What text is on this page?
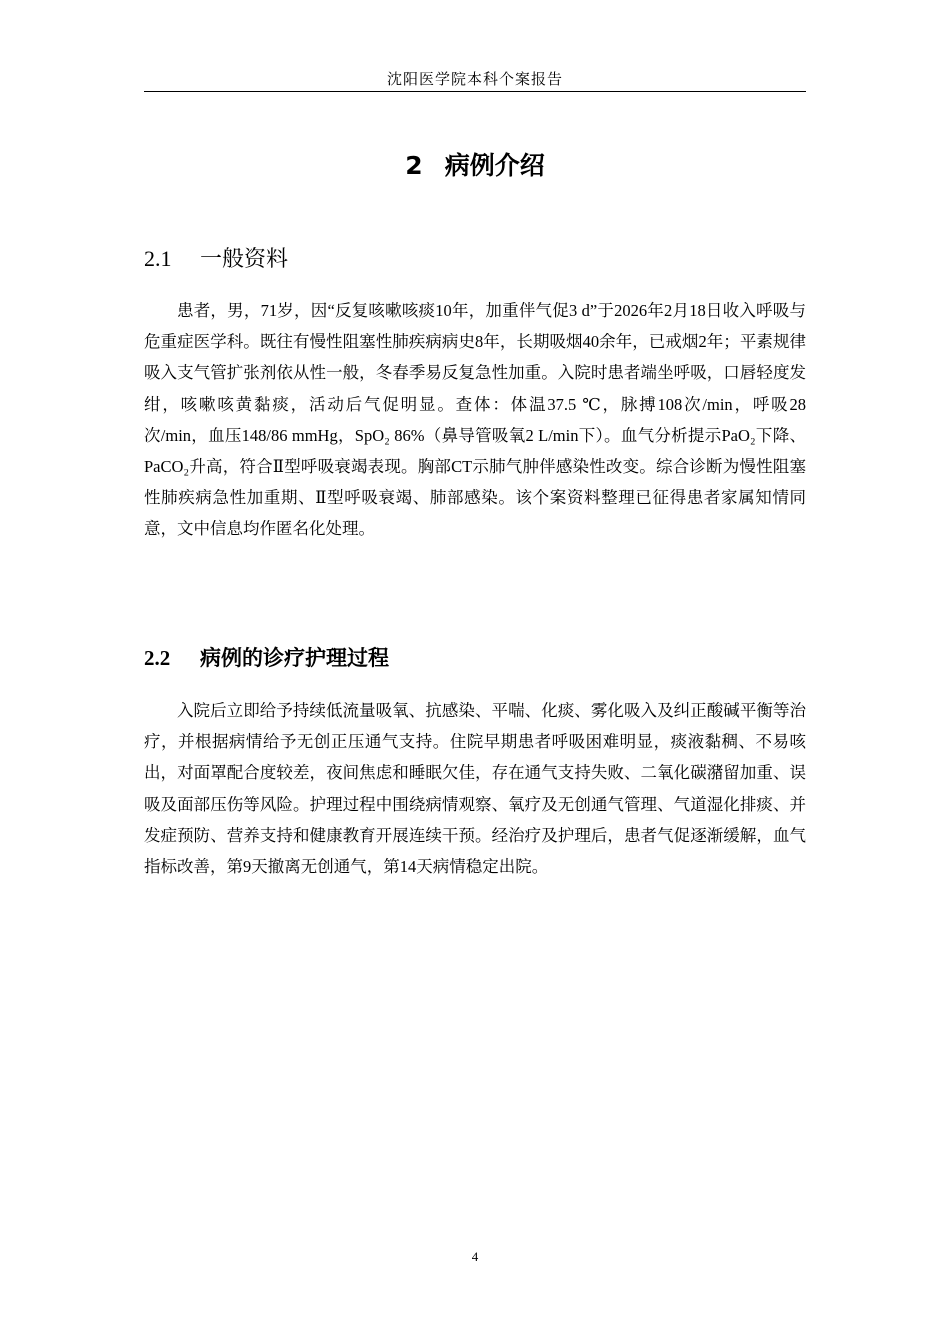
沈阳医学院本科个案报告
2 病例介绍
2.1 一般资料

患者，男，71岁，因“反复咳嗽咳痰10年，加重伴气促3 d”于2026年2月18日收入呼吸与危重症医学科。既往有慢性阻塞性肺疾病病史8年，长期吸烟40余年，已戒烟2年；平素规律吸入支气管扩张剂依从性一般，冬春季易反复急性加重。入院时患者端坐呼吸，口唇轻度发绀，咳嗽咳黄黏痰，活动后气促明显。查体：体温37.5 ℃，脉搏108次/min，呼吸28次/min，血压148/86 mmHg，SpO₂ 86%（鼻导管吸氧2 L/min下）。血气分析提示PaO₂下降、PaCO₂升高，符合Ⅱ型呼吸衰竭表现。胸部CT示肺气肿伴感染性改变。综合诊断为慢性阻塞性肺疾病急性加重期、Ⅱ型呼吸衰竭、肺部感染。该个案资料整理已征得患者家属知情同意，文中信息均作匿名化处理。

2.2 病例的诊疗护理过程

入院后立即给予持续低流量吸氧、抗感染、平喘、化痰、雾化吸入及纠正酸碱平衡等治疗，并根据病情给予无创正压通气支持。住院早期患者呼吸困难明显，痰液黏稠、不易咳出，对面罩配合度较差，夜间焦虑和睡眠欠佳，存在通气支持失败、二氧化碳潴留加重、误吸及面部压伤等风险。护理过程中围绕病情观察、氧疗及无创通气管理、气道湿化排痰、并发症预防、营养支持和健康教育开展连续干预。经治疗及护理后，患者气促逐渐缓解，血气指标改善，第9天撤离无创通气，第14天病情稳定出院。

4
